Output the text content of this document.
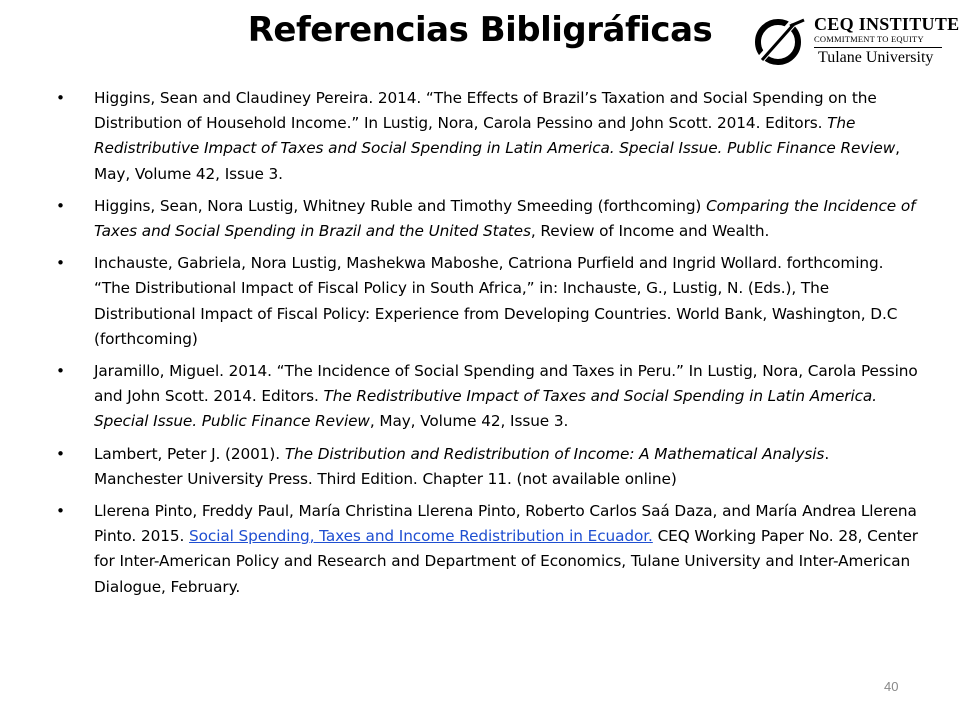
Referencias Bibligráficas	CEQ INSTITUTE
COMMITMENT TO EQUITY
Tulane University
• Higgins, Sean and Claudiney Pereira. 2014. “The Effects of Brazil’s Taxation and Social Spending on the Distribution of Household Income.” In Lustig, Nora, Carola Pessino and John Scott. 2014. Editors. The Redistributive Impact of Taxes and Social Spending in Latin America. Special Issue. Public Finance Review, May, Volume 42, Issue 3.
• Higgins, Sean, Nora Lustig, Whitney Ruble and Timothy Smeeding (forthcoming) Comparing the Incidence of Taxes and Social Spending in Brazil and the United States, Review of Income and Wealth.
• Inchauste, Gabriela, Nora Lustig, Mashekwa Maboshe, Catriona Purfield and Ingrid Wollard. forthcoming. “The Distributional Impact of Fiscal Policy in South Africa,” in: Inchauste, G., Lustig, N. (Eds.), The Distributional Impact of Fiscal Policy: Experience from Developing Countries. World Bank, Washington, D.C (forthcoming)
• Jaramillo, Miguel. 2014. “The Incidence of Social Spending and Taxes in Peru.” In Lustig, Nora, Carola Pessino and John Scott. 2014. Editors. The Redistributive Impact of Taxes and Social Spending in Latin America. Special Issue. Public Finance Review, May, Volume 42, Issue 3.
• Lambert, Peter J. (2001). The Distribution and Redistribution of Income: A Mathematical Analysis. Manchester University Press. Third Edition. Chapter 11. (not available online)
• Llerena Pinto, Freddy Paul, María Christina Llerena Pinto, Roberto Carlos Saá Daza, and María Andrea Llerena Pinto. 2015. Social Spending, Taxes and Income Redistribution in Ecuador. CEQ Working Paper No. 28, Center for Inter-American Policy and Research and Department of Economics, Tulane University and Inter-American Dialogue, February.
40
